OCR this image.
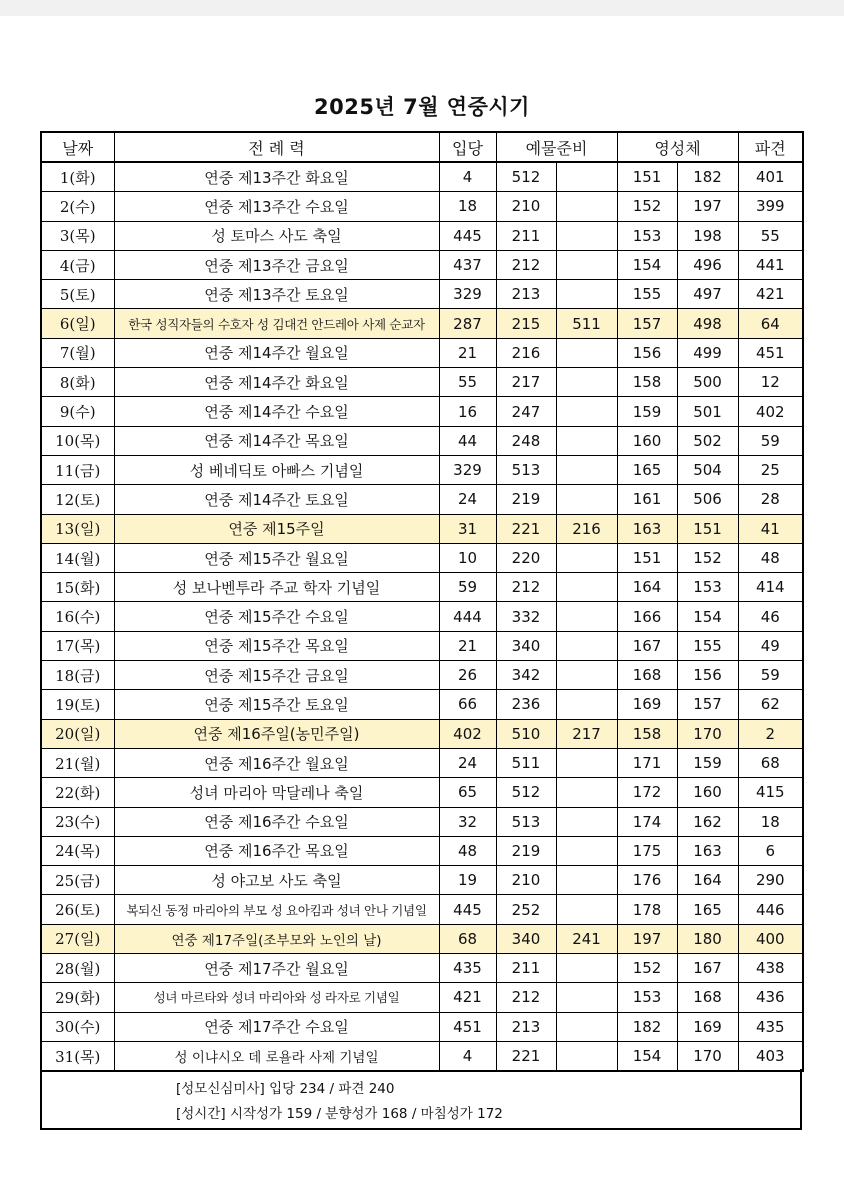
2025년 7월 연중시기
날짜	전 례 력	입당	예물준비		영성체		파견
1(화)	연중 제13주간 화요일	4	512		151	182	401
2(수)	연중 제13주간 수요일	18	210		152	197	399
3(목)	성 토마스 사도 축일	445	211		153	198	55
4(금)	연중 제13주간 금요일	437	212		154	496	441
5(토)	연중 제13주간 토요일	329	213		155	497	421
6(일)	한국 성직자들의 수호자 성 김대건 안드레아 사제 순교자	287	215	511	157	498	64
7(월)	연중 제14주간 월요일	21	216		156	499	451
8(화)	연중 제14주간 화요일	55	217		158	500	12
9(수)	연중 제14주간 수요일	16	247		159	501	402
10(목)	연중 제14주간 목요일	44	248		160	502	59
11(금)	성 베네딕토 아빠스 기념일	329	513		165	504	25
12(토)	연중 제14주간 토요일	24	219		161	506	28
13(일)	연중 제15주일	31	221	216	163	151	41
14(월)	연중 제15주간 월요일	10	220		151	152	48
15(화)	성 보나벤투라 주교 학자 기념일	59	212		164	153	414
16(수)	연중 제15주간 수요일	444	332		166	154	46
17(목)	연중 제15주간 목요일	21	340		167	155	49
18(금)	연중 제15주간 금요일	26	342		168	156	59
19(토)	연중 제15주간 토요일	66	236		169	157	62
20(일)	연중 제16주일(농민주일)	402	510	217	158	170	2
21(월)	연중 제16주간 월요일	24	511		171	159	68
22(화)	성녀 마리아 막달레나 축일	65	512		172	160	415
23(수)	연중 제16주간 수요일	32	513		174	162	18
24(목)	연중 제16주간 목요일	48	219		175	163	6
25(금)	성 야고보 사도 축일	19	210		176	164	290
26(토)	복되신 동정 마리아의 부모 성 요아킴과 성녀 안나 기념일	445	252		178	165	446
27(일)	연중 제17주일(조부모와 노인의 날)	68	340	241	197	180	400
28(월)	연중 제17주간 월요일	435	211		152	167	438
29(화)	성녀 마르타와 성녀 마리아와 성 라자로 기념일	421	212		153	168	436
30(수)	연중 제17주간 수요일	451	213		182	169	435
31(목)	성 이냐시오 데 로욜라 사제 기념일	4	221		154	170	403
[성모신심미사] 입당 234 / 파견 240
[성시간] 시작성가 159 / 분향성가 168 / 마침성가 172
